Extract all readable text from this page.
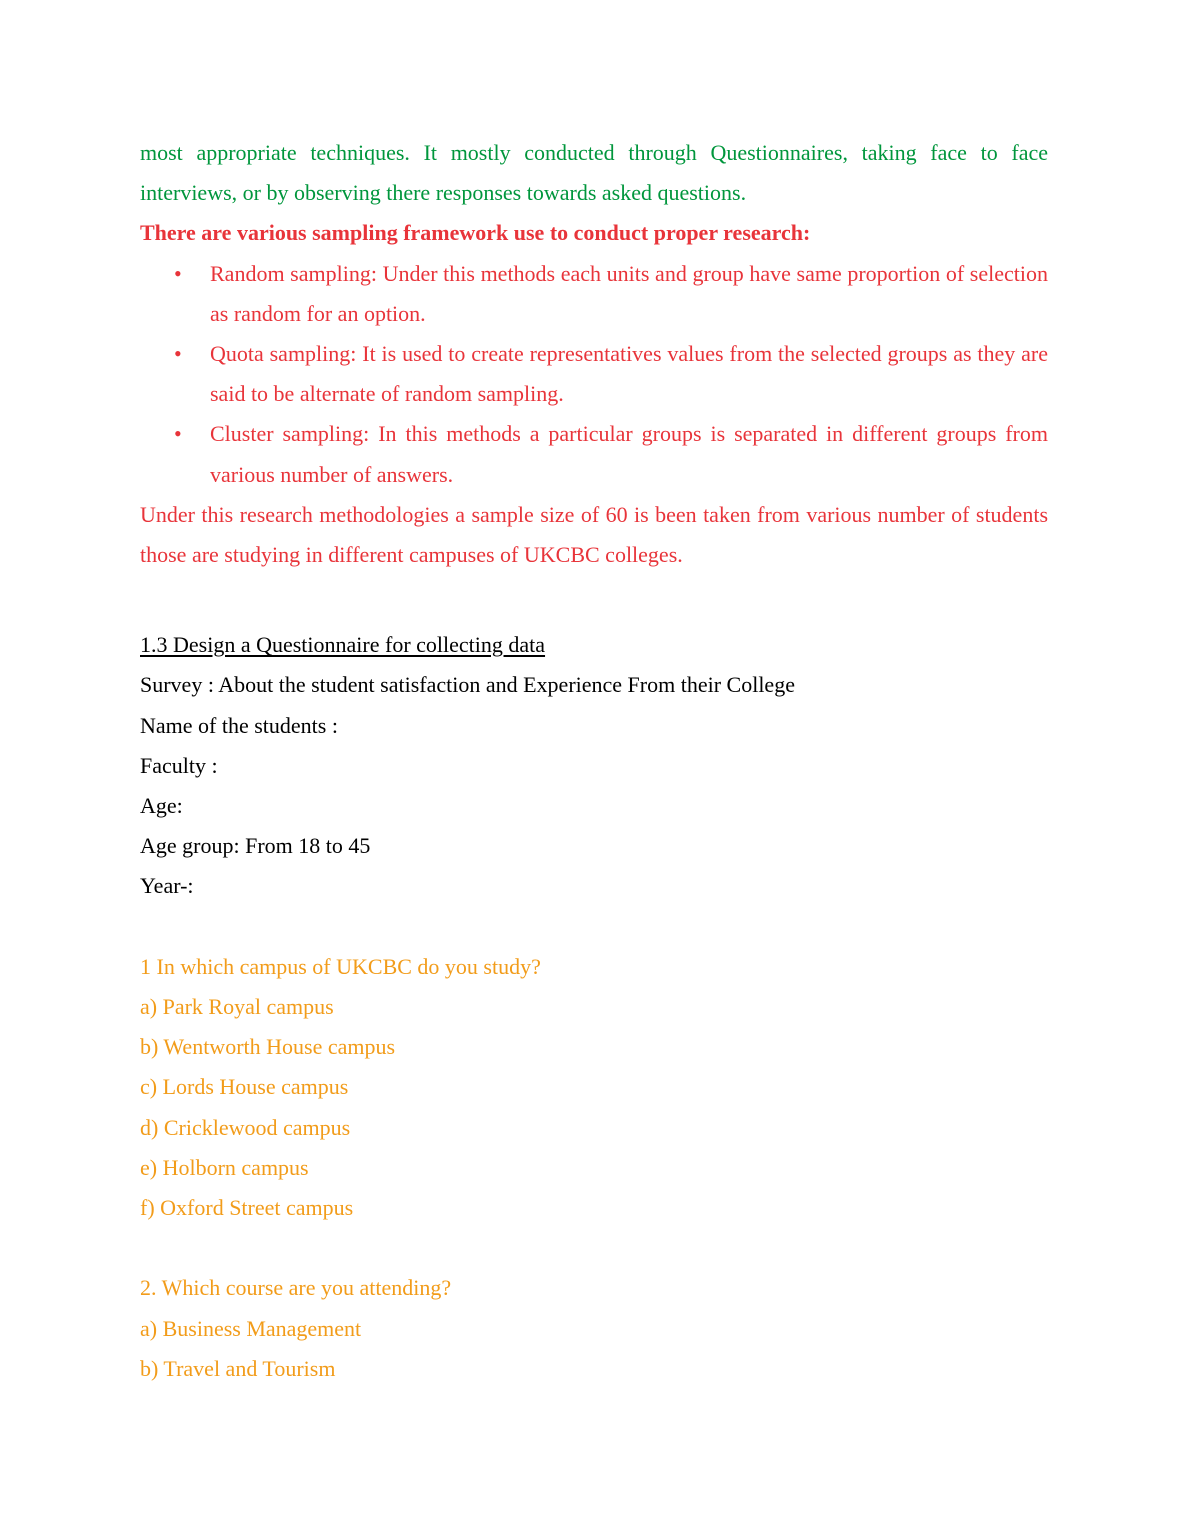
most appropriate techniques. It mostly conducted through Questionnaires, taking face to face interviews, or by observing there responses towards asked questions.

There are various sampling framework use to conduct proper research:

• Random sampling: Under this methods each units and group have same proportion of selection as random for an option.
• Quota sampling: It is used to create representatives values from the selected groups as they are said to be alternate of random sampling.
• Cluster sampling: In this methods a particular groups is separated in different groups from various number of answers.

Under this research methodologies a sample size of 60 is been taken from various number of students those are studying in different campuses of UKCBC colleges.

1.3 Design a Questionnaire for collecting data

Survey : About the student satisfaction and Experience From their College

Name of the students :

Faculty :

Age:

Age group: From 18 to 45

Year-:

1 In which campus of UKCBC do you study?

a) Park Royal campus

b) Wentworth House campus

c) Lords House campus

d) Cricklewood campus

e) Holborn campus

f) Oxford Street campus

2. Which course are you attending?

a) Business Management

b) Travel and Tourism
